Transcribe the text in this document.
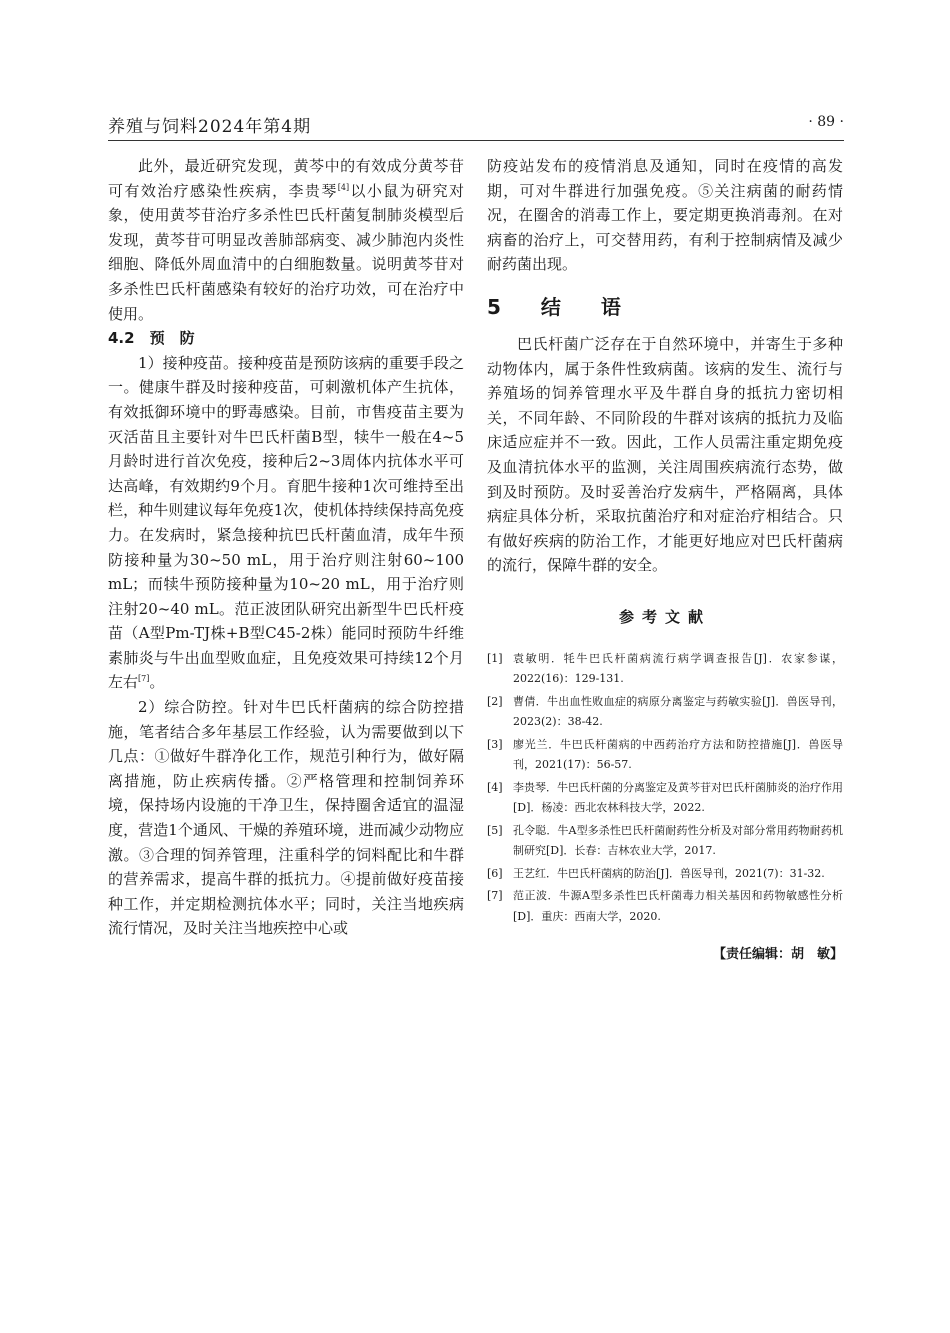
养殖与饲料2024年第4期	· 89 ·

此外，最近研究发现，黄芩中的有效成分黄芩苷可有效治疗感染性疾病，李贵琴[4]以小鼠为研究对象，使用黄芩苷治疗多杀性巴氏杆菌复制肺炎模型后发现，黄芩苷可明显改善肺部病变、减少肺泡内炎性细胞、降低外周血清中的白细胞数量。说明黄芩苷对多杀性巴氏杆菌感染有较好的治疗功效，可在治疗中使用。

4.2　预　防

1）接种疫苗。接种疫苗是预防该病的重要手段之一。健康牛群及时接种疫苗，可刺激机体产生抗体，有效抵御环境中的野毒感染。目前，市售疫苗主要为灭活苗且主要针对牛巴氏杆菌B型，犊牛一般在4~5月龄时进行首次免疫，接种后2~3周体内抗体水平可达高峰，有效期约9个月。育肥牛接种1次可维持至出栏，种牛则建议每年免疫1次，使机体持续保持高免疫力。在发病时，紧急接种抗巴氏杆菌血清，成年牛预防接种量为30~50 mL，用于治疗则注射60~100 mL；而犊牛预防接种量为10~20 mL，用于治疗则注射20~40 mL。范正波团队研究出新型牛巴氏杆疫苗（A型Pm-TJ株+B型C45-2株）能同时预防牛纤维素肺炎与牛出血型败血症，且免疫效果可持续12个月左右[7]。

2）综合防控。针对牛巴氏杆菌病的综合防控措施，笔者结合多年基层工作经验，认为需要做到以下几点：①做好牛群净化工作，规范引种行为，做好隔离措施，防止疾病传播。②严格管理和控制饲养环境，保持场内设施的干净卫生，保持圈舍适宜的温湿度，营造1个通风、干燥的养殖环境，进而减少动物应激。③合理的饲养管理，注重科学的饲料配比和牛群的营养需求，提高牛群的抵抗力。④提前做好疫苗接种工作，并定期检测抗体水平；同时，关注当地疾病流行情况，及时关注当地疾控中心或

防疫站发布的疫情消息及通知，同时在疫情的高发期，可对牛群进行加强免疫。⑤关注病菌的耐药情况，在圈舍的消毒工作上，要定期更换消毒剂。在对病畜的治疗上，可交替用药，有利于控制病情及减少耐药菌出现。

5　结　语

巴氏杆菌广泛存在于自然环境中，并寄生于多种动物体内，属于条件性致病菌。该病的发生、流行与养殖场的饲养管理水平及牛群自身的抵抗力密切相关，不同年龄、不同阶段的牛群对该病的抵抗力及临床适应症并不一致。因此，工作人员需注重定期免疫及血清抗体水平的监测，关注周围疾病流行态势，做到及时预防。及时妥善治疗发病牛，严格隔离，具体病症具体分析，采取抗菌治疗和对症治疗相结合。只有做好疾病的防治工作，才能更好地应对巴氏杆菌病的流行，保障牛群的安全。

参考文献
[1] 袁敏明．牦牛巴氏杆菌病流行病学调查报告[J]．农家参谋，2022(16)：129-131.
[2] 曹倩．牛出血性败血症的病原分离鉴定与药敏实验[J]．兽医导刊，2023(2)：38-42.
[3] 廖光兰．牛巴氏杆菌病的中西药治疗方法和防控措施[J]．兽医导刊，2021(17)：56-57.
[4] 李贵琴．牛巴氏杆菌的分离鉴定及黄芩苷对巴氏杆菌肺炎的治疗作用[D]．杨凌：西北农林科技大学，2022.
[5] 孔令聪．牛A型多杀性巴氏杆菌耐药性分析及对部分常用药物耐药机制研究[D]．长春：吉林农业大学，2017.
[6] 王艺红．牛巴氏杆菌病的防治[J]．兽医导刊，2021(7)：31-32.
[7] 范正波．牛源A型多杀性巴氏杆菌毒力相关基因和药物敏感性分析[D]．重庆：西南大学，2020.
【责任编辑：胡　敏】
